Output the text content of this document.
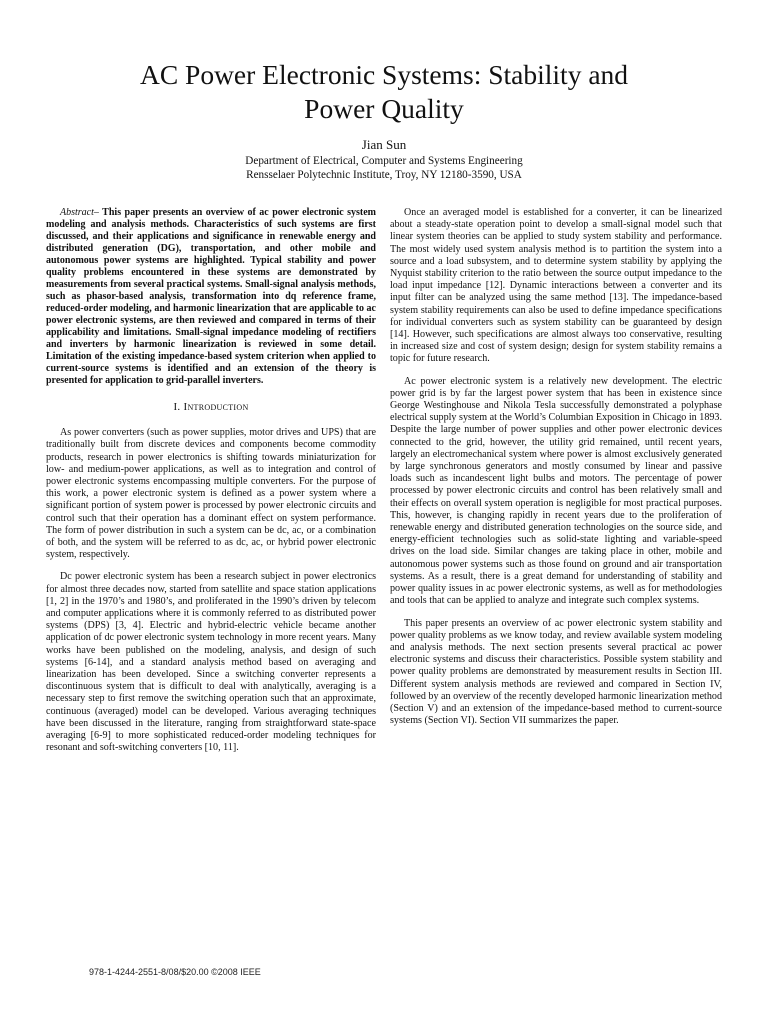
AC Power Electronic Systems: Stability and
Power Quality
Jian Sun
Department of Electrical, Computer and Systems Engineering
Rensselaer Polytechnic Institute, Troy, NY 12180-3590, USA

Abstract– This paper presents an overview of ac power electronic system modeling and analysis methods. Characteristics of such systems are first discussed, and their applications and significance in renewable energy and distributed generation (DG), transportation, and other mobile and autonomous power systems are highlighted. Typical stability and power quality problems encountered in these systems are demonstrated by measurements from several practical systems. Small-signal analysis methods, such as phasor-based analysis, transformation into dq reference frame, reduced-order modeling, and harmonic linearization that are applicable to ac power electronic systems, are then reviewed and compared in terms of their applicability and limitations. Small-signal impedance modeling of rectifiers and inverters by harmonic linearization is reviewed in some detail. Limitation of the existing impedance-based system criterion when applied to current-source systems is identified and an extension of the theory is presented for application to grid-parallel inverters.

I. Introduction

As power converters (such as power supplies, motor drives and UPS) that are traditionally built from discrete devices and components become commodity products, research in power electronics is shifting towards miniaturization for low- and medium-power applications, as well as to integration and control of power electronic systems encompassing multiple converters. For the purpose of this work, a power electronic system is defined as a power system where a significant portion of system power is processed by power electronic circuits and control such that their operation has a dominant effect on system performance. The form of power distribution in such a system can be dc, ac, or a combination of both, and the system will be referred to as dc, ac, or hybrid power electronic system, respectively.

Dc power electronic system has been a research subject in power electronics for almost three decades now, started from satellite and space station applications [1, 2] in the 1970’s and 1980’s, and proliferated in the 1990’s driven by telecom and computer applications where it is commonly referred to as distributed power systems (DPS) [3, 4]. Electric and hybrid-electric vehicle became another application of dc power electronic system technology in more recent years. Many works have been published on the modeling, analysis, and design of such systems [6-14], and a standard analysis method based on averaging and linearization has been developed. Since a switching converter represents a discontinuous system that is difficult to deal with analytically, averaging is a necessary step to first remove the switching operation such that an approximate, continuous (averaged) model can be developed. Various averaging techniques have been discussed in the literature, ranging from straightforward state-space averaging [6-9] to more sophisticated reduced-order modeling techniques for resonant and soft-switching converters [10, 11].

Once an averaged model is established for a converter, it can be linearized about a steady-state operation point to develop a small-signal model such that linear system theories can be applied to study system stability and performance. The most widely used system analysis method is to partition the system into a source and a load subsystem, and to determine system stability by applying the Nyquist stability criterion to the ratio between the source output impedance to the load input impedance [12]. Dynamic interactions between a converter and its input filter can be analyzed using the same method [13]. The impedance-based system stability requirements can also be used to define impedance specifications for individual converters such as system stability can be guaranteed by design [14]. However, such specifications are almost always too conservative, resulting in increased size and cost of system design; design for system stability remains a topic for future research.

Ac power electronic system is a relatively new development. The electric power grid is by far the largest power system that has been in existence since George Westinghouse and Nikola Tesla successfully demonstrated a polyphase electrical supply system at the World’s Columbian Exposition in Chicago in 1893. Despite the large number of power supplies and other power electronic devices connected to the grid, however, the utility grid remained, until recent years, largely an electromechanical system where power is almost exclusively generated by large synchronous generators and mostly consumed by linear and passive loads such as incandescent light bulbs and motors. The percentage of power processed by power electronic circuits and control has been relatively small and their effects on overall system operation is negligible for most practical purposes. This, however, is changing rapidly in recent years due to the proliferation of renewable energy and distributed generation technologies on the source side, and energy-efficient technologies such as solid-state lighting and variable-speed drives on the load side. Similar changes are taking place in other, mobile and autonomous power systems such as those found on ground and air transportation systems. As a result, there is a great demand for understanding of stability and power quality issues in ac power electronic systems, as well as for methodologies and tools that can be applied to analyze and integrate such complex systems.

This paper presents an overview of ac power electronic system stability and power quality problems as we know today, and review available system modeling and analysis methods. The next section presents several practical ac power electronic systems and discuss their characteristics. Possible system stability and power quality problems are demonstrated by measurement results in Section III. Different system analysis methods are reviewed and compared in Section IV, followed by an overview of the recently developed harmonic linearization method (Section V) and an extension of the impedance-based method to current-source systems (Section VI). Section VII summarizes the paper.

978-1-4244-2551-8/08/$20.00 ©2008 IEEE
